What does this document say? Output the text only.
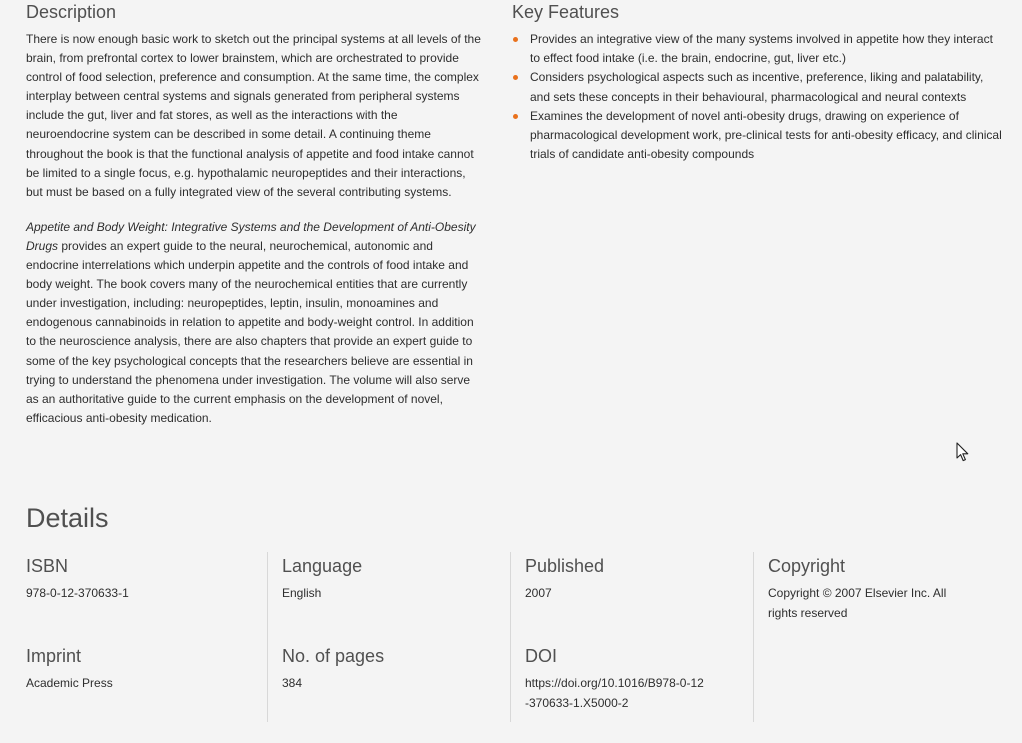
Description

There is now enough basic work to sketch out the principal systems at all levels of the brain, from prefrontal cortex to lower brainstem, which are orchestrated to provide control of food selection, preference and consumption. At the same time, the complex interplay between central systems and signals generated from peripheral systems include the gut, liver and fat stores, as well as the interactions with the neuroendocrine system can be described in some detail. A continuing theme throughout the book is that the functional analysis of appetite and food intake cannot be limited to a single focus, e.g. hypothalamic neuropeptides and their interactions, but must be based on a fully integrated view of the several contributing systems.

Appetite and Body Weight: Integrative Systems and the Development of Anti-Obesity Drugs provides an expert guide to the neural, neurochemical, autonomic and endocrine interrelations which underpin appetite and the controls of food intake and body weight. The book covers many of the neurochemical entities that are currently under investigation, including: neuropeptides, leptin, insulin, monoamines and endogenous cannabinoids in relation to appetite and body-weight control. In addition to the neuroscience analysis, there are also chapters that provide an expert guide to some of the key psychological concepts that the researchers believe are essential in trying to understand the phenomena under investigation. The volume will also serve as an authoritative guide to the current emphasis on the development of novel, efficacious anti-obesity medication.

Key Features
Provides an integrative view of the many systems involved in appetite how they interact to effect food intake (i.e. the brain, endocrine, gut, liver etc.)
Considers psychological aspects such as incentive, preference, liking and palatability, and sets these concepts in their behavioural, pharmacological and neural contexts
Examines the development of novel anti-obesity drugs, drawing on experience of pharmacological development work, pre-clinical tests for anti-obesity efficacy, and clinical trials of candidate anti-obesity compounds
Details
ISBN
978-0-12-370633-1
Imprint
Academic Press
Language
English
No. of pages
384
Published
2007
DOI
https://doi.org/10.1016/B978-0-12-370633-1.X5000-2
Copyright
Copyright © 2007 Elsevier Inc. All rights reserved
